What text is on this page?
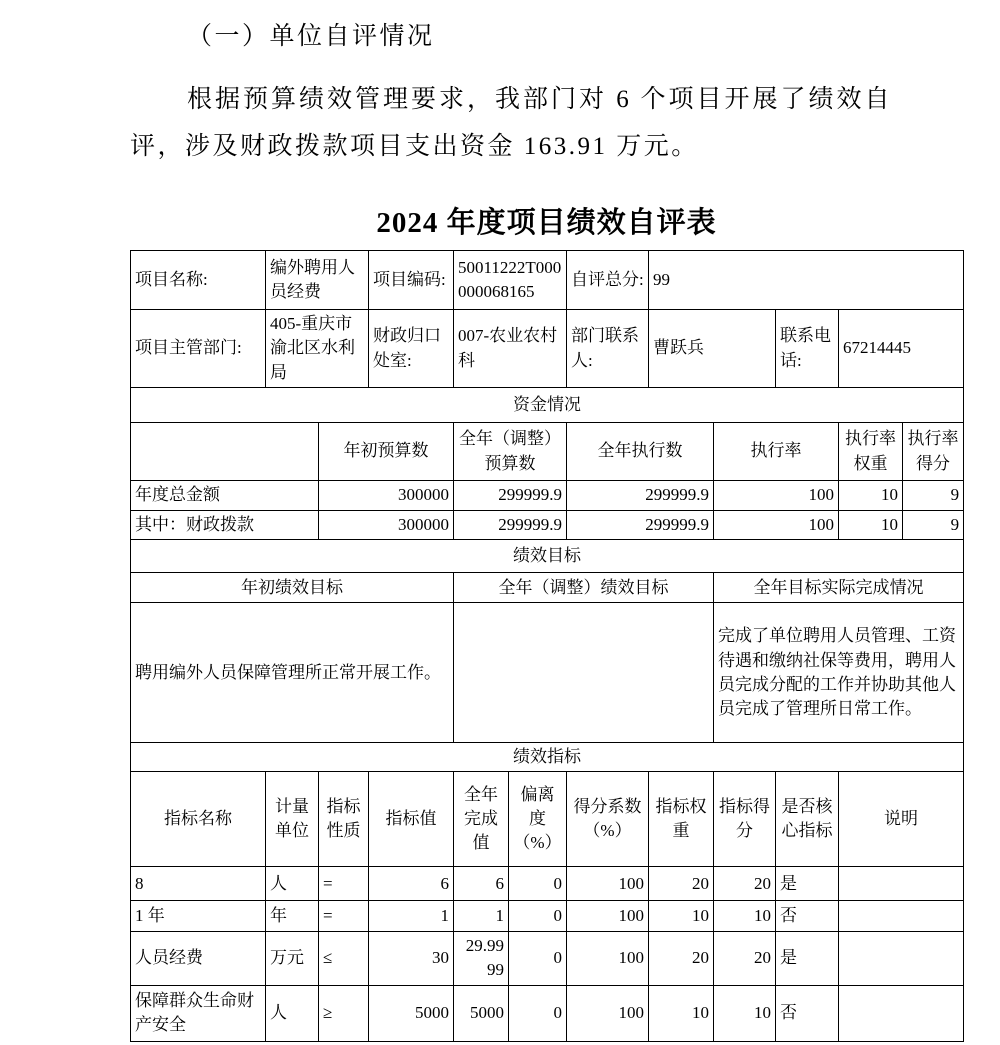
（一）单位自评情况
根据预算绩效管理要求，我部门对 6 个项目开展了绩效自评，涉及财政拨款项目支出资金 163.91 万元。
2024 年度项目绩效自评表
项目名称:	编外聘用人员经费		项目编码:	50011222T000000068165		自评总分:	99				
项目主管部门:	405-重庆市渝北区水利局		财政归口处室:	007-农业农村科		部门联系人:	曹跃兵		联系电话:	67214445	
资金情况											
		年初预算数		全年（调整）预算数		全年执行数		执行率		执行率权重	执行率得分
年度总金额		300000		299999.9		299999.9		100		10	9
其中：财政拨款		300000		299999.9		299999.9		100		10	9
绩效目标											
年初绩效目标				全年（调整）绩效目标				全年目标实际完成情况			
聘用编外人员保障管理所正常开展工作。								完成了单位聘用人员管理、工资待遇和缴纳社保等费用，聘用人员完成分配的工作并协助其他人员完成了管理所日常工作。			
绩效指标											
指标名称	计量单位	指标性质	指标值	全年完成值	偏离度（%）	得分系数（%）	指标权重	指标得分	是否核心指标	说明	
8	人	=	6	6	0	100	20	20	是		
1 年	年	=	1	1	0	100	10	10	否		
人员经费	万元	≤	30	29.9999	0	100	20	20	是		
保障群众生命财产安全	人	≥	5000	5000	0	100	10	10	否		
